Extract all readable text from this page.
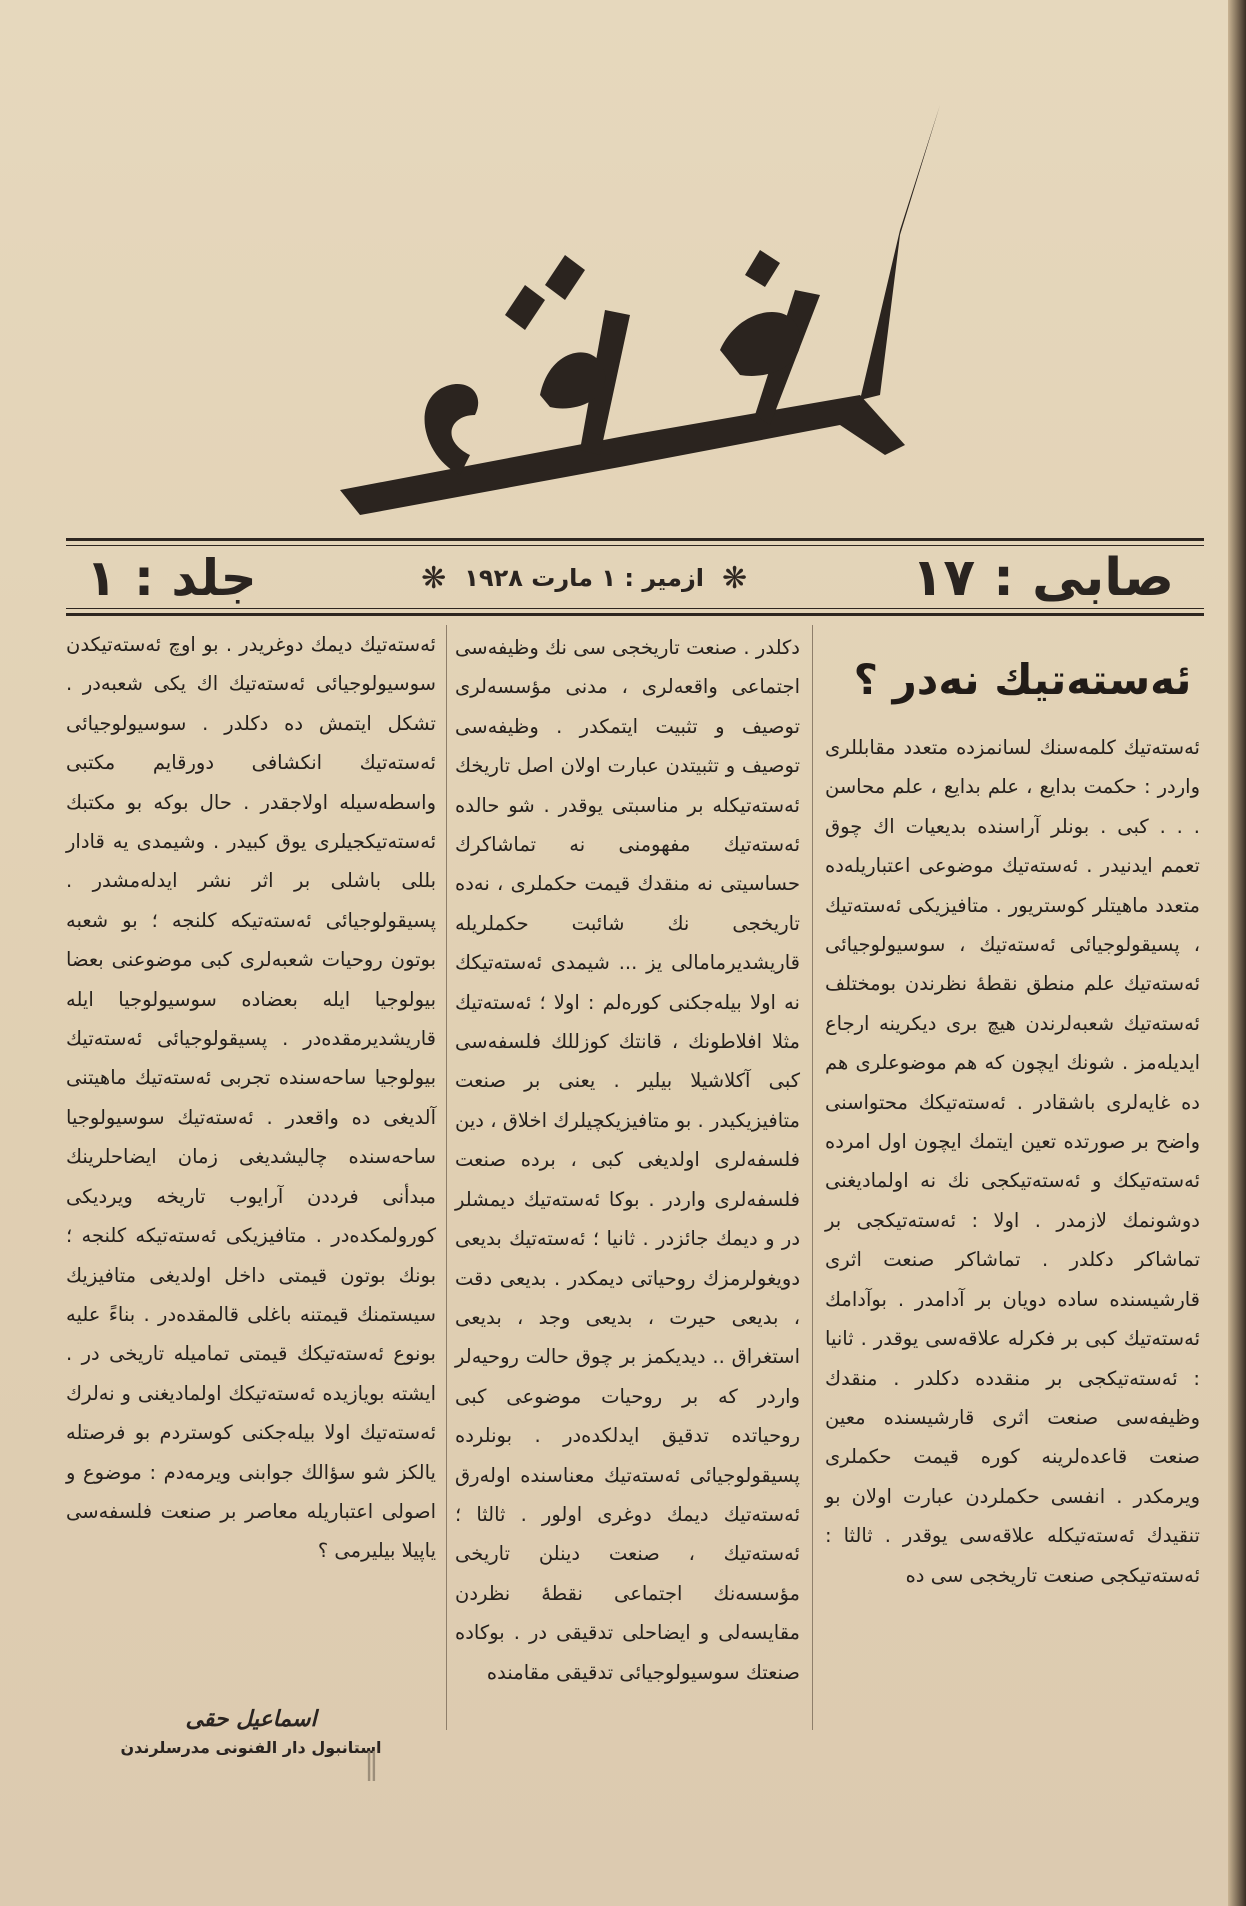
صابى : ١٧
❋
ازمير : ١ مارت ١٩٢٨
❋
جلد : ١
ئەستەتیك نەدر ؟

ئەستەتیك كلمەسنك لسانمزدە متعدد مقابللری واردر : حكمت بدایع ، علم بدایع ، علم محاسن . . . كبی . بونلر آراسندە بدیعیات اك چوق تعمم ایدنیدر . ئەستەتیك موضوعی اعتباریلەدە متعدد ماهیتلر كوستریور . متافیزیكی ئەستەتیك ، پسیقولوجیائی ئەستەتیك ، سوسیولوجیائی ئەستەتیك علم منطق نقطۀ نظرندن بومختلف ئەستەتیك شعبەلرندن هیچ بری دیكرینە ارجاع ایدیلەمز . شونك ایچون كە هم موضوعلری هم دە غایەلری باشقادر . ئەستەتیكك محتواسنی واضح بر صورتدە تعین ایتمك ایچون اول امردە ئەستەتیكك و ئەستەتیكجی نك نە اولمادیغنی دوشونمك لازمدر . اولا : ئەستەتیكجی بر تماشاكر دكلدر . تماشاكر صنعت اثری قارشیسندە سادە دویان بر آدامدر . بوآدامك ئەستەتیك كبی بر فكرلە علاقەسی یوقدر . ثانیا : ئەستەتیكجی بر منقددە دكلدر . منقدك وظیفەسی صنعت اثری قارشیسندە معین صنعت قاعدەلرینە كورە قیمت حكملری ویرمكدر . انفسی حكملردن عبارت اولان بو تنقیدك ئەستەتیكلە علاقەسی یوقدر . ثالثا : ئەستەتیكجی صنعت تاریخجی سی دە

دكلدر . صنعت تاریخجی سی نك وظیفەسی اجتماعی واقعەلری ، مدنی مؤسسەلری توصیف و تثبیت ایتمكدر . وظیفەسی توصیف و تثبیتدن عبارت اولان اصل تاریخك ئەستەتیكلە بر مناسبتی یوقدر . شو حالدە ئەستەتیك مفهومنی نە تماشاكرك حساسیتی نە منقدك قیمت حكملری ، نەدە تاریخجی نك شائبت حكملریلە قاریشدیرمامالی یز ... شیمدی ئەستەتیكك نە اولا بیلەجكنی كورەلم : اولا ؛ ئەستەتیك مثلا افلاطونك ، قانتك كوزللك فلسفەسی كبی آكلاشیلا بیلیر . یعنی بر صنعت متافیزیكیدر . بو متافیزیكچیلرك اخلاق ، دین فلسفەلری اولدیغی كبی ، بردە صنعت فلسفەلری واردر . بوكا ئەستەتیك دیمشلر در و دیمك جائزدر . ثانیا ؛ ئەستەتیك بدیعی دویغولرمزك روحیاتی دیمكدر . بدیعی دقت ، بدیعی حیرت ، بدیعی وجد ، بدیعی استغراق .. دیدیكمز بر چوق حالت روحیەلر واردر كە بر روحیات موضوعی كبی روحیاتدە تدقیق ایدلكدەدر . بونلردە پسیقولوجیائی ئەستەتیك معناسندە اولەرق ئەستەتیك دیمك دوغری اولور . ثالثا ؛ ئەستەتیك ، صنعت دینلن تاریخی مؤسسەنك اجتماعی نقطۀ نظردن مقایسەلی و ایضاحلی تدقیقی در . بوكادە صنعتك سوسیولوجیائی تدقیقی مقامندە

ئەستەتیك دیمك دوغریدر . بو اوچ ئەستەتیكدن سوسیولوجیائی ئەستەتیك اك یكی شعبەدر . تشكل ایتمش دە دكلدر . سوسیولوجیائی ئەستەتیك انكشافی دورقایم مكتبی واسطەسیلە اولاجقدر . حال بوكە بو مكتبك ئەستەتیكجیلری یوق كبیدر . وشیمدی یە قادار بللی باشلی بر اثر نشر ایدلەمشدر . پسیقولوجیائی ئەستەتیكە كلنجە ؛ بو شعبە بوتون روحیات شعبەلری كبی موضوعنی بعضا بیولوجیا ایلە بعضادە سوسیولوجیا ایلە قاریشدیرمقدەدر . پسیقولوجیائی ئەستەتیك بیولوجیا ساحەسندە تجربی ئەستەتیك ماهیتنی آلدیغی دە واقعدر . ئەستەتیك سوسیولوجیا ساحەسندە چالیشدیغی زمان ایضاحلرینك مبدأنی فرددن آرایوب تاریخە ویردیكی كورولمكدەدر . متافیزیكی ئەستەتیكە كلنجە ؛ بونك بوتون قیمتی داخل اولدیغی متافیزیك سیستمنك قیمتنە باغلی قالمقدەدر . بناءً علیە بونوع ئەستەتیكك قیمتی تمامیلە تاریخی در . ایشتە بویازیدە ئەستەتیكك اولمادیغنی و نەلرك ئەستەتیك اولا بیلەجكنی كوستردم بو فرصتلە یالكز شو سؤالك جوابنی ویرمەدم : موضوع و اصولی اعتباریلە معاصر بر صنعت فلسفەسی یاپیلا بیلیرمی ؟

اسماعیل حقی
استانبول دار الفنونی مدرسلرندن
‖
